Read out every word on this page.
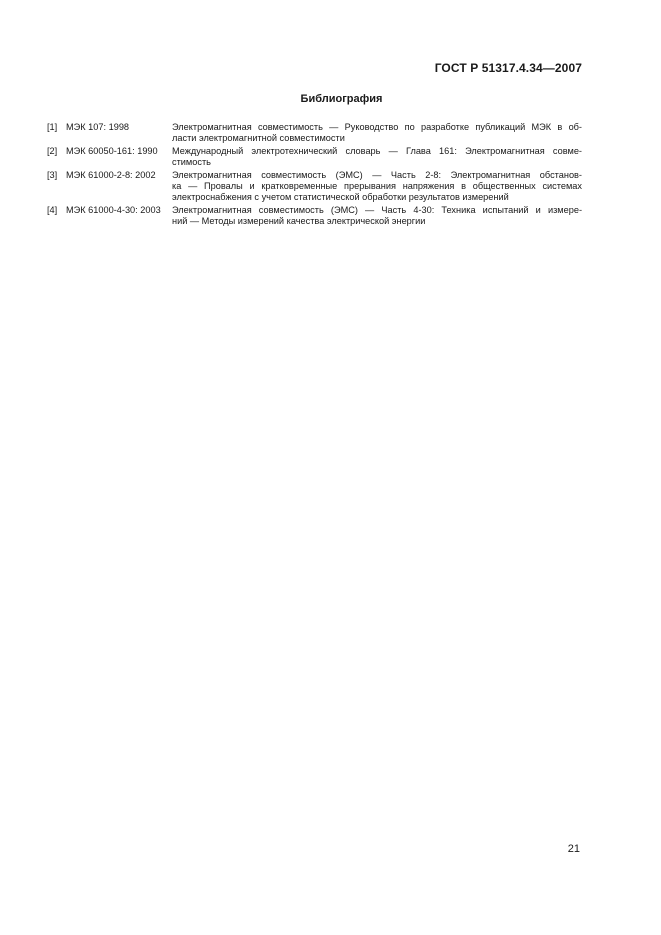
ГОСТ Р 51317.4.34—2007
Библиография
[1] МЭК 107: 1998	Электромагнитная совместимость — Руководство по разработке публикаций МЭК в об-
ласти электромагнитной совместимости
[2] МЭК 60050-161: 1990	Международный электротехнический словарь — Глава 161: Электромагнитная совме-
стимость
[3] МЭК 61000-2-8: 2002	Электромагнитная совместимость (ЭМС) — Часть 2-8: Электромагнитная обстанов-
ка — Провалы и кратковременные прерывания напряжения в общественных системах
электроснабжения с учетом статистической обработки результатов измерений
[4] МЭК 61000-4-30: 2003	Электромагнитная совместимость (ЭМС) — Часть 4-30: Техника испытаний и измере-
ний — Методы измерений качества электрической энергии
21
